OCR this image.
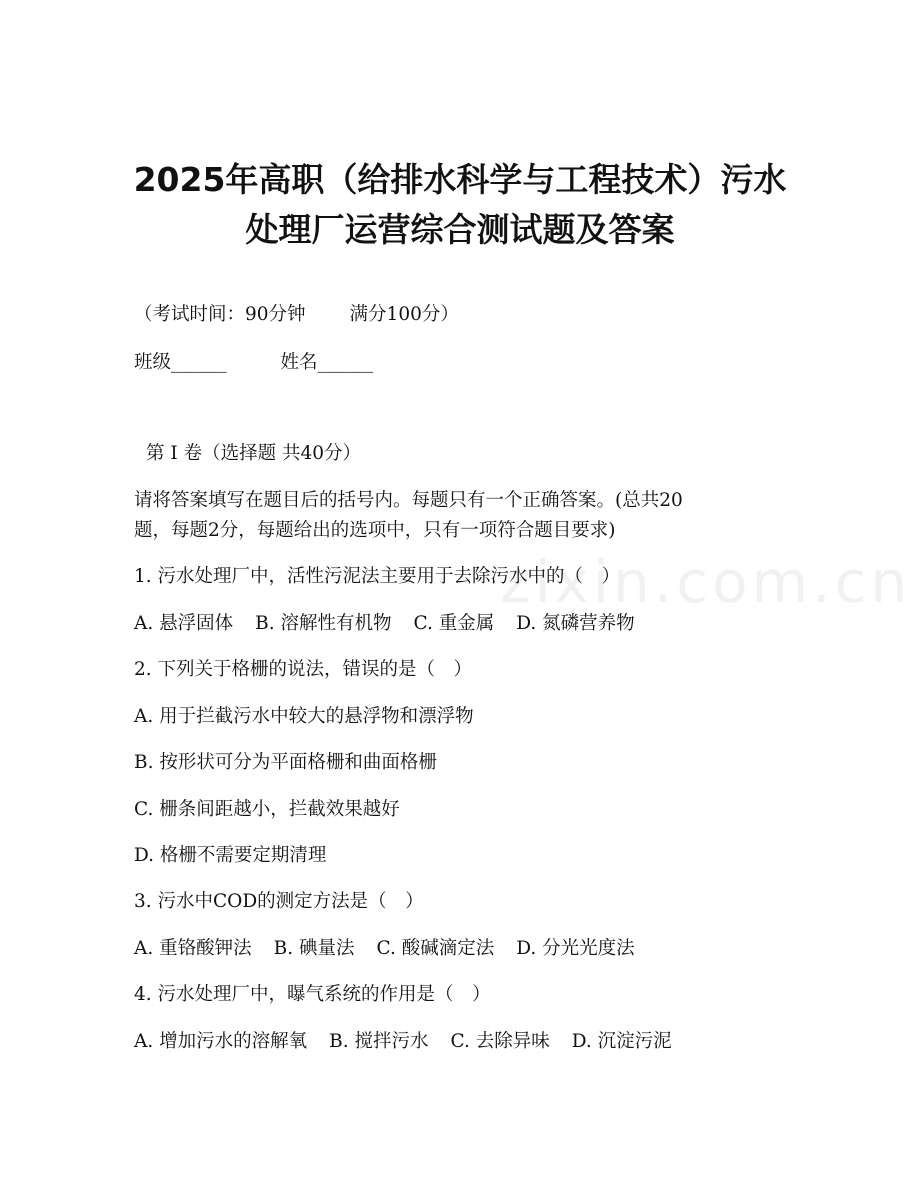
zixin.com.cn
2025年高职（给排水科学与工程技术）污水
处理厂运营综合测试题及答案
（考试时间：90分钟 满分100分）
班级______	姓名______
第 I 卷（选择题 共40分）
请将答案填写在题目后的括号内。每题只有一个正确答案。(总共20
题，每题2分，每题给出的选项中，只有一项符合题目要求)
1. 污水处理厂中，活性污泥法主要用于去除污水中的（　）
A. 悬浮固体 B. 溶解性有机物 C. 重金属 D. 氮磷营养物
2. 下列关于格栅的说法，错误的是（　）
A. 用于拦截污水中较大的悬浮物和漂浮物
B. 按形状可分为平面格栅和曲面格栅
C. 栅条间距越小，拦截效果越好
D. 格栅不需要定期清理
3. 污水中COD的测定方法是（　）
A. 重铬酸钾法 B. 碘量法 C. 酸碱滴定法 D. 分光光度法
4. 污水处理厂中，曝气系统的作用是（　）
A. 增加污水的溶解氧 B. 搅拌污水 C. 去除异味 D. 沉淀污泥
